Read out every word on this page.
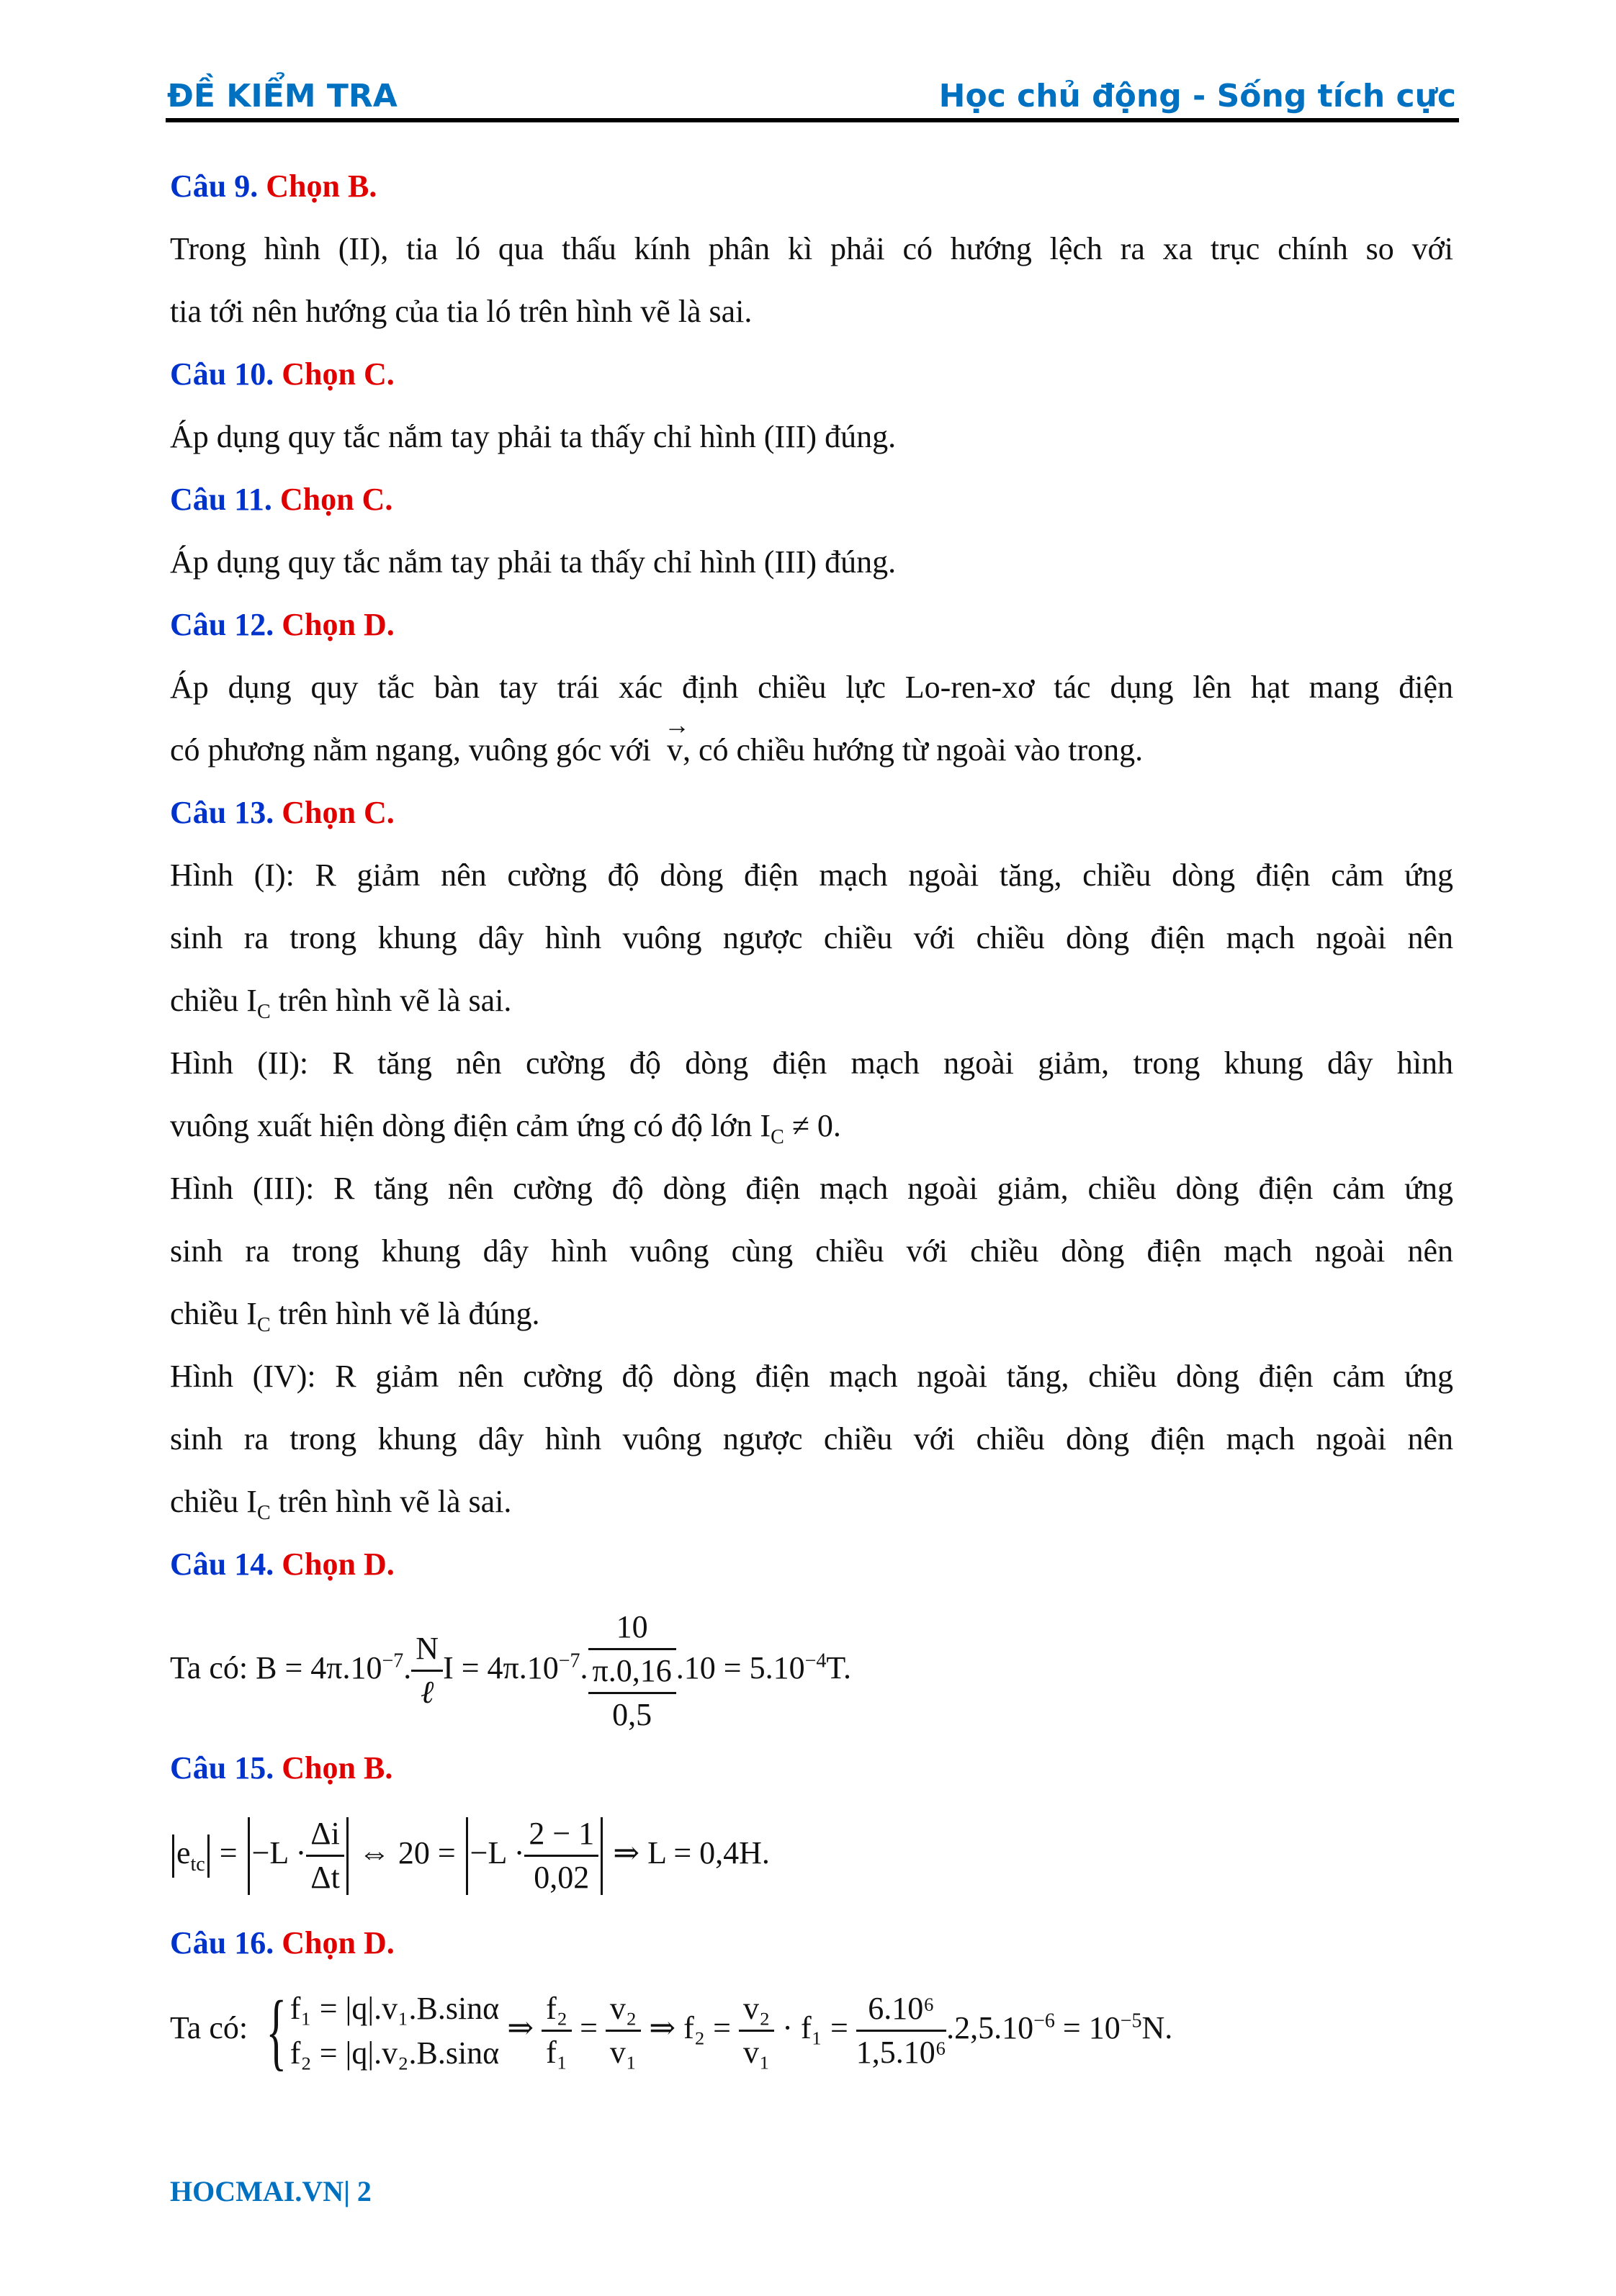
ĐỀ KIỂM TRA	Học chủ động - Sống tích cực
Câu 9. Chọn B.
Trong hình (II), tia ló qua thấu kính phân kì phải có hướng lệch ra xa trục chính so với
tia tới nên hướng của tia ló trên hình vẽ là sai.
Câu 10. Chọn C.
Áp dụng quy tắc nắm tay phải ta thấy chỉ hình (III) đúng.
Câu 11. Chọn C.
Áp dụng quy tắc nắm tay phải ta thấy chỉ hình (III) đúng.
Câu 12. Chọn D.
Áp dụng quy tắc bàn tay trái xác định chiều lực Lo-ren-xơ tác dụng lên hạt mang điện
có phương nằm ngang, vuông góc với  → v, có chiều hướng từ ngoài vào trong.
Câu 13. Chọn C.
Hình (I): R giảm nên cường độ dòng điện mạch ngoài tăng, chiều dòng điện cảm ứng
sinh ra trong khung dây hình vuông ngược chiều với chiều dòng điện mạch ngoài nên
chiều $I_C$ trên hình vẽ là sai.
Hình (II): R tăng nên cường độ dòng điện mạch ngoài giảm, trong khung dây hình
vuông xuất hiện dòng điện cảm ứng có độ lớn $I_C \ne 0$.
Hình (III): R tăng nên cường độ dòng điện mạch ngoài giảm, chiều dòng điện cảm ứng
sinh ra trong khung dây hình vuông cùng chiều với chiều dòng điện mạch ngoài nên
chiều $I_C$ trên hình vẽ là đúng.
Hình (IV): R giảm nên cường độ dòng điện mạch ngoài tăng, chiều dòng điện cảm ứng
sinh ra trong khung dây hình vuông ngược chiều với chiều dòng điện mạch ngoài nên
chiều $I_C$ trên hình vẽ là sai.
Câu 14. Chọn D.
Ta có: $B = 4\pi.10^{-7}$. $\frac{N}{\text{ℓ}}$ $I = 4\pi.10^{-7}$.
10
π.0,16
0,5
$.10 = 5.10^{-4}T$.
Câu 15. Chọn B.
$e_{tc} = -L \cdot \frac{\Delta i}{\Delta t}$ ⇔ $20 = -L \cdot \frac{2 - 1}{0,02}$ ⇒ L = 0,4H.
Câu 16. Chọn D.
Ta có: { f₁ = |q|.v₁.B.sinα
f₂ = |q|.v₂.B.sinα
⇒ $\frac{\text{f₂}}{\text{f₁}} = \frac{\text{v₂}}{\text{v₁}}$ ⇒ $f_2 = \frac{\text{v₂}}{\text{v₁}} \cdot f_1 = \frac{\text{6.10⁶}}{\text{1,5.10⁶}} .2,5.10^{-6} = 10^{-5}N$.
HOCMAI.VN| 2
